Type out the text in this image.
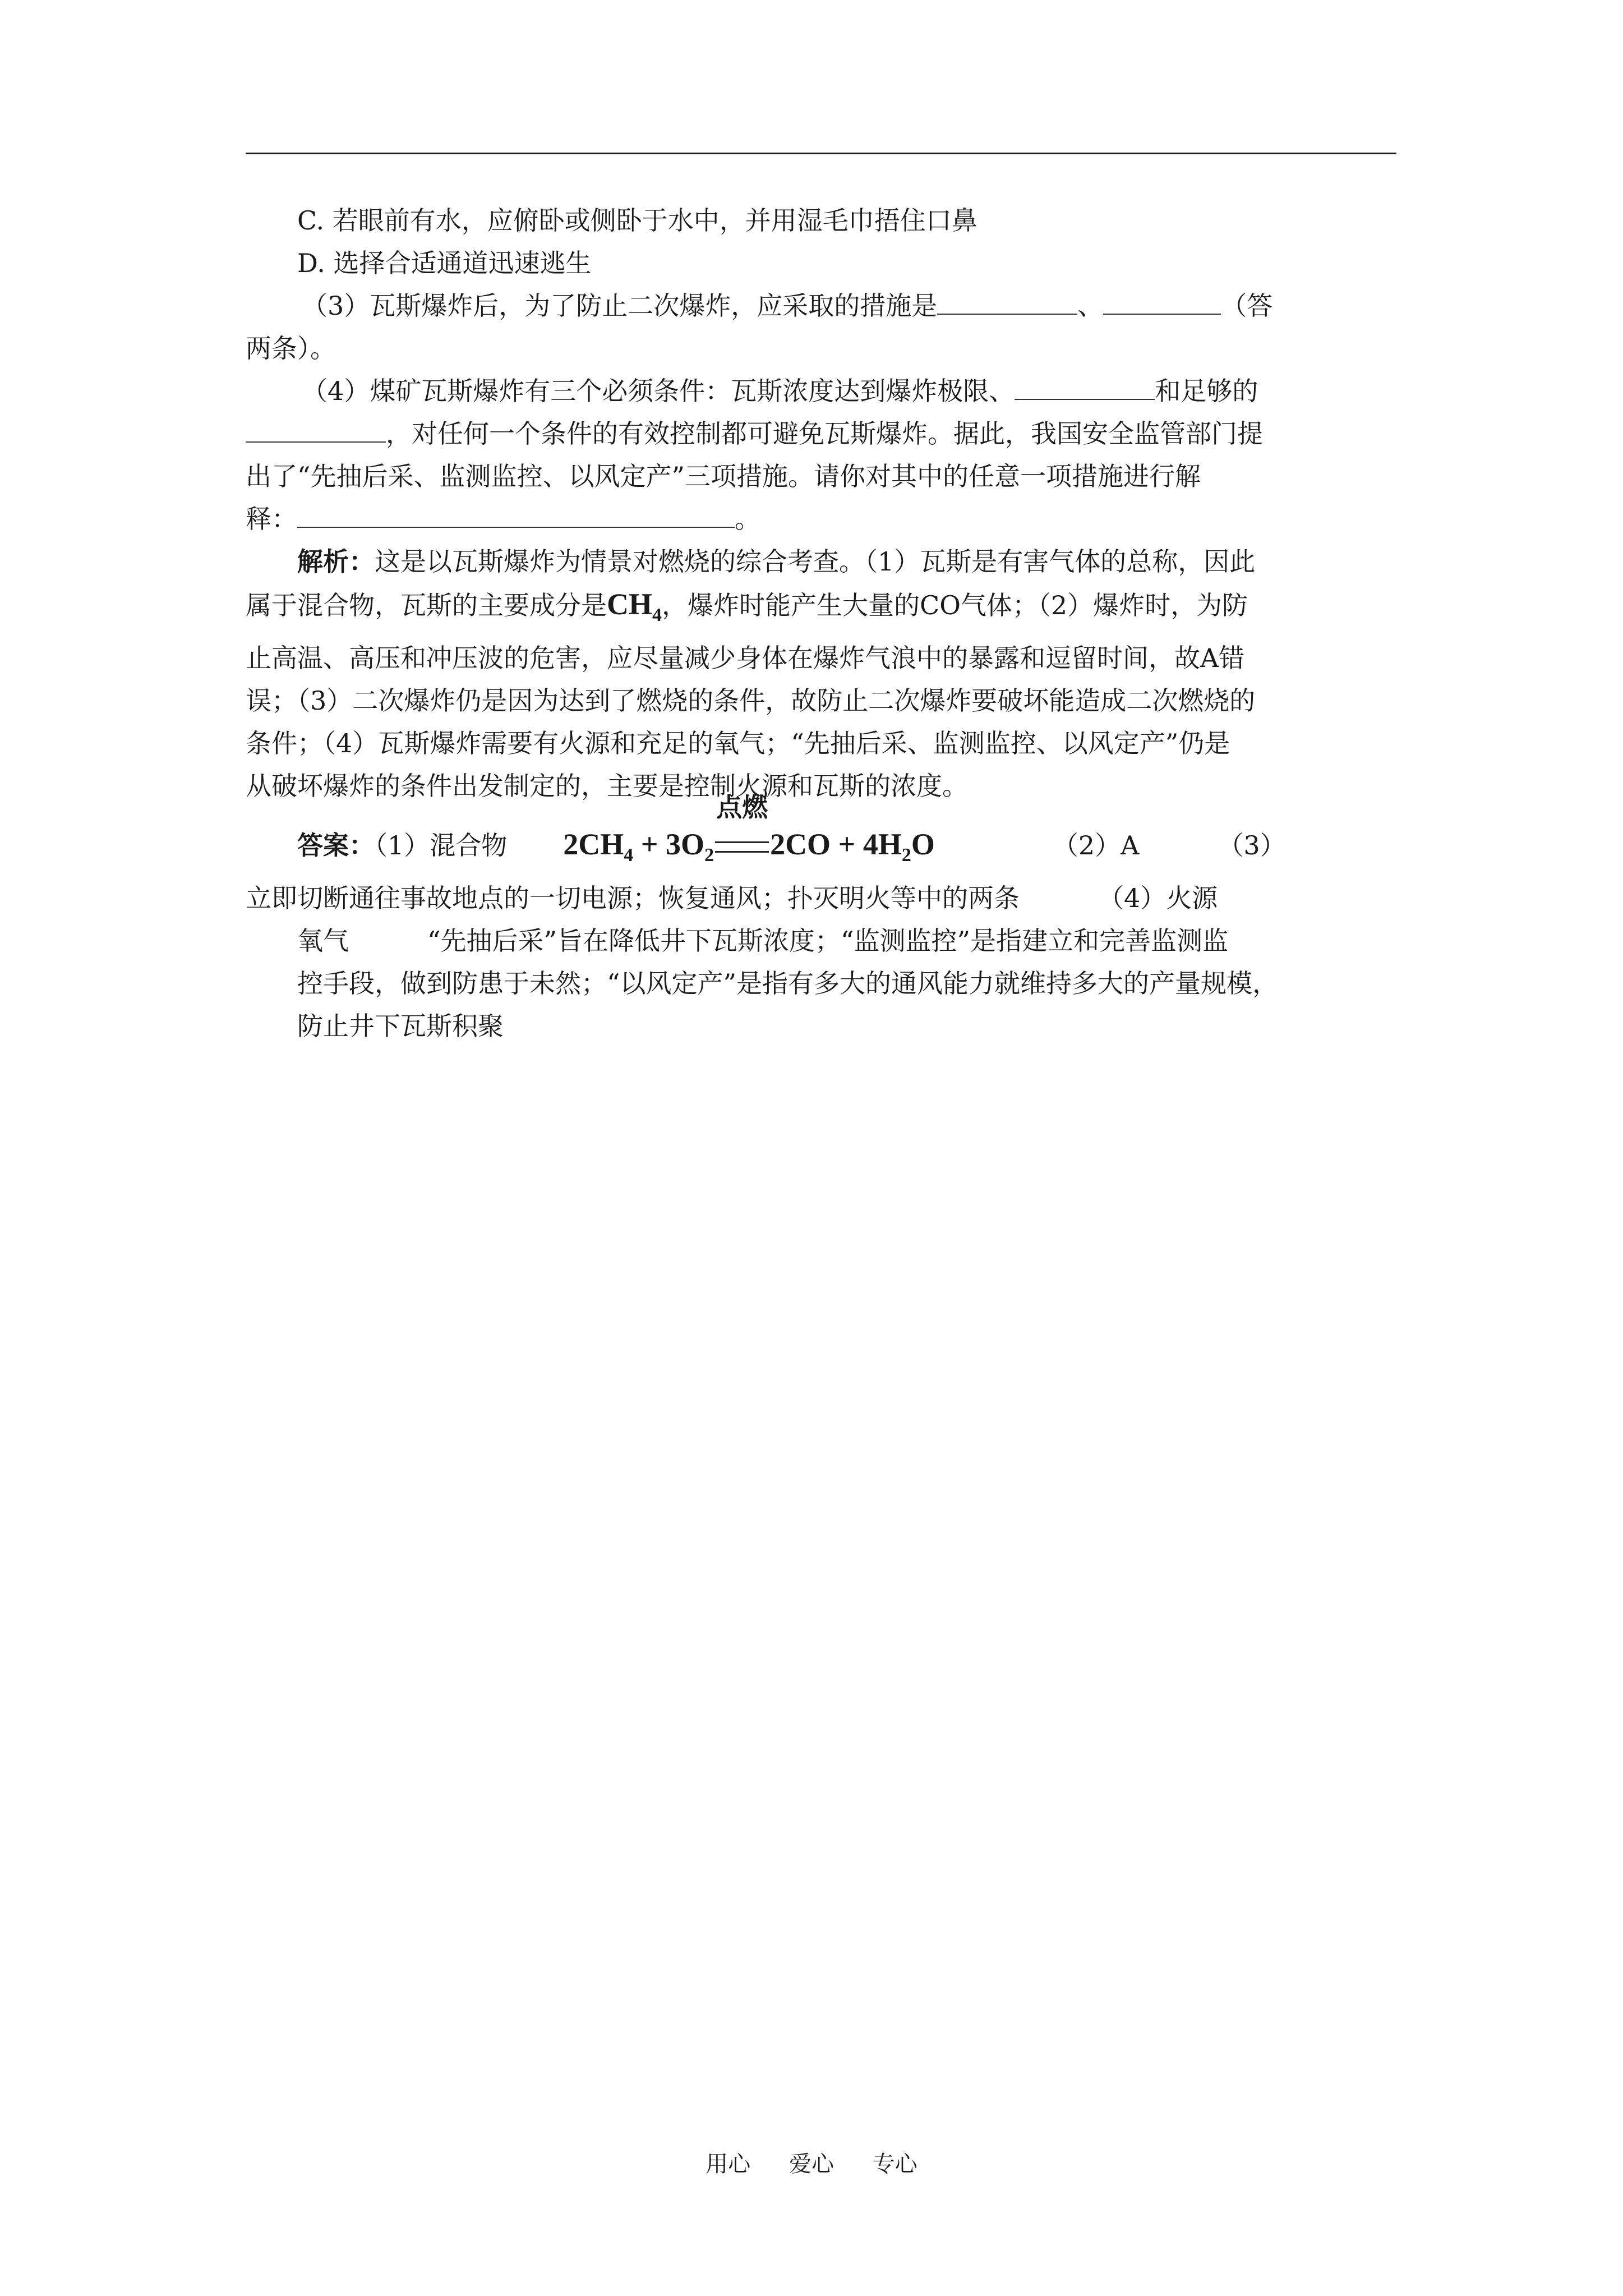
C. 若眼前有水，应俯卧或侧卧于水中，并用湿毛巾捂住口鼻
D. 选择合适通道迅速逃生
（3）瓦斯爆炸后，为了防止二次爆炸，应采取的措施是	、	（答
两条）。
（4）煤矿瓦斯爆炸有三个必须条件：瓦斯浓度达到爆炸极限、	和足够的
，对任何一个条件的有效控制都可避免瓦斯爆炸。据此，我国安全监管部门提
出了“先抽后采、监测监控、以风定产”三项措施。请你对其中的任意一项措施进行解
释：	。
解析：这是以瓦斯爆炸为情景对燃烧的综合考查。（1）瓦斯是有害气体的总称，因此
属于混合物，瓦斯的主要成分是$CH_4$，爆炸时能产生大量的CO气体；（2）爆炸时，为防
止高温、高压和冲压波的危害，应尽量减少身体在爆炸气浪中的暴露和逗留时间，故A错
误；（3）二次爆炸仍是因为达到了燃烧的条件，故防止二次爆炸要破坏能造成二次燃烧的
条件；（4）瓦斯爆炸需要有火源和充足的氧气；“先抽后采、监测监控、以风定产”仍是
从破坏爆炸的条件出发制定的，主要是控制火源和瓦斯的浓度。
答案：（1）混合物 $2CH_4 + 3O_2$
点燃
$2CO + 4H_2O$	（2）A	（3）
立即切断通往事故地点的一切电源；恢复通风；扑灭明火等中的两条	（4）火源
氧气	“先抽后采”旨在降低井下瓦斯浓度；“监测监控”是指建立和完善监测监
控手段，做到防患于未然；“以风定产”是指有多大的通风能力就维持多大的产量规模，
防止井下瓦斯积聚
用心 爱心 专心
